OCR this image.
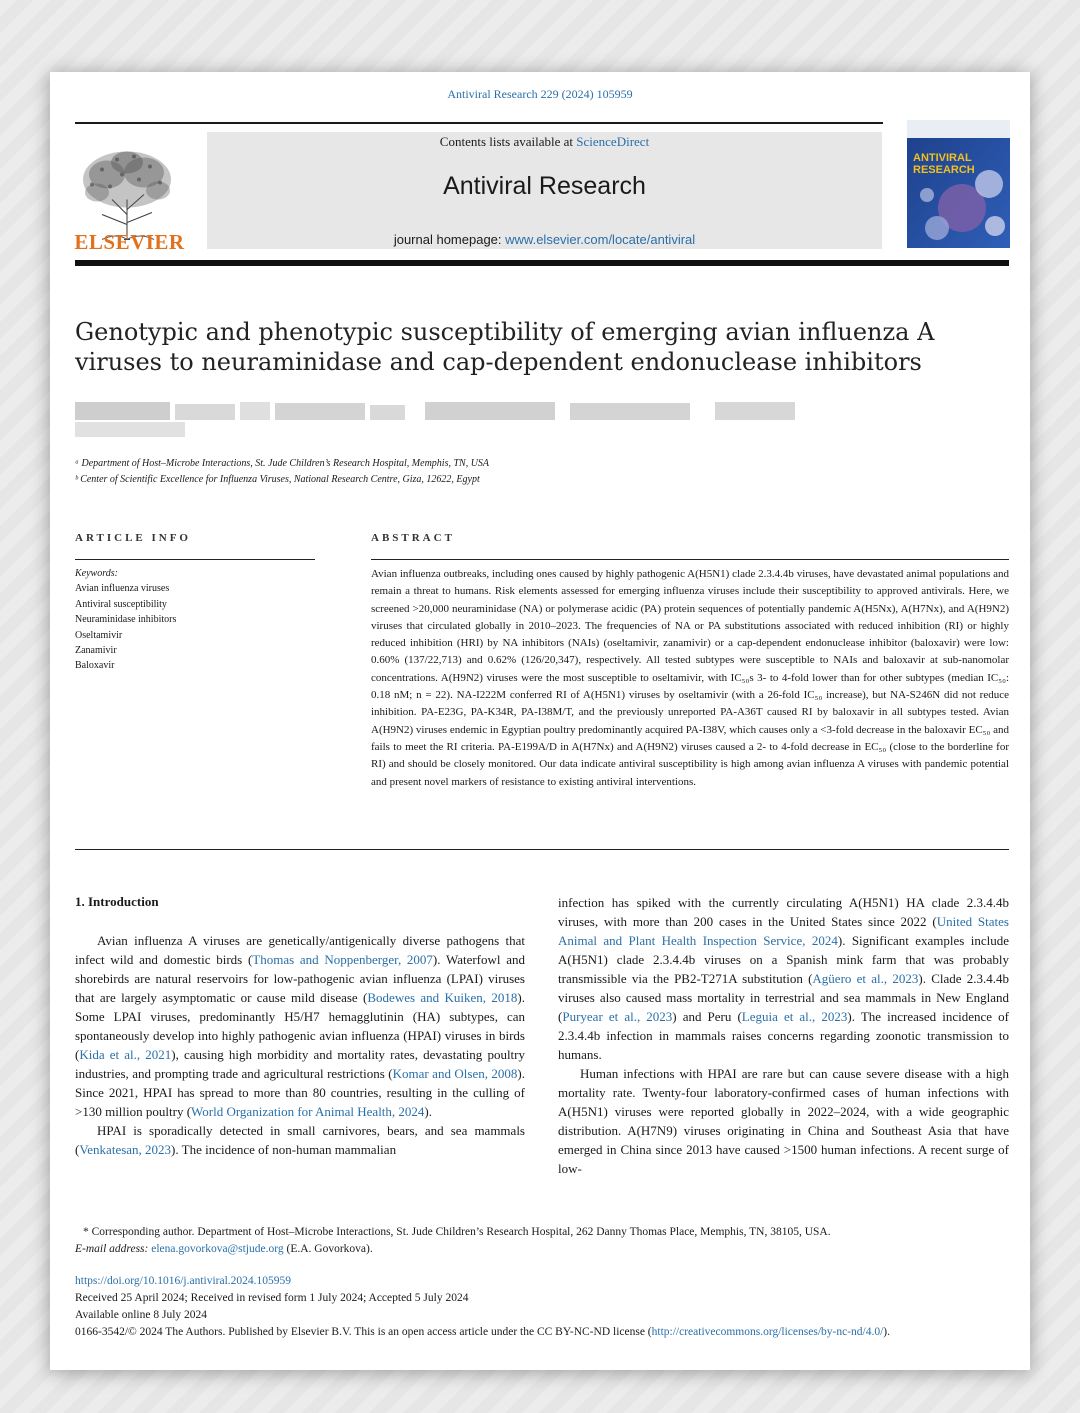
Antiviral Research 229 (2024) 105959
ELSEVIER
Contents lists available at ScienceDirect
Antiviral Research
journal homepage: www.elsevier.com/locate/antiviral
ANTIVIRAL
RESEARCH
Genotypic and phenotypic susceptibility of emerging avian influenza A
viruses to neuraminidase and cap-dependent endonuclease inhibitors
ᵃ Department of Host–Microbe Interactions, St. Jude Children’s Research Hospital, Memphis, TN, USA
ᵇ Center of Scientific Excellence for Influenza Viruses, National Research Centre, Giza, 12622, Egypt
ARTICLE INFO	ABSTRACT
Keywords:
Avian influenza viruses
Antiviral susceptibility
Neuraminidase inhibitors
Oseltamivir
Zanamivir
Baloxavir
Avian influenza outbreaks, including ones caused by highly pathogenic A(H5N1) clade 2.3.4.4b viruses, have devastated animal populations and remain a threat to humans. Risk elements assessed for emerging influenza viruses include their susceptibility to approved antivirals. Here, we screened >20,000 neuraminidase (NA) or polymerase acidic (PA) protein sequences of potentially pandemic A(H5Nx), A(H7Nx), and A(H9N2) viruses that circulated globally in 2010–2023. The frequencies of NA or PA substitutions associated with reduced inhibition (RI) or highly reduced inhibition (HRI) by NA inhibitors (NAIs) (oseltamivir, zanamivir) or a cap-dependent endonuclease inhibitor (baloxavir) were low: 0.60% (137/22,713) and 0.62% (126/20,347), respectively. All tested subtypes were susceptible to NAIs and baloxavir at sub-nanomolar concentrations. A(H9N2) viruses were the most susceptible to oseltamivir, with IC₅₀s 3- to 4-fold lower than for other subtypes (median IC₅₀: 0.18 nM; n = 22). NA-I222M conferred RI of A(H5N1) viruses by oseltamivir (with a 26-fold IC₅₀ increase), but NA-S246N did not reduce inhibition. PA-E23G, PA-K34R, PA-I38M/T, and the previously unreported PA-A36T caused RI by baloxavir in all subtypes tested. Avian A(H9N2) viruses endemic in Egyptian poultry predominantly acquired PA-I38V, which causes only a <3-fold decrease in the baloxavir EC₅₀ and fails to meet the RI criteria. PA-E199A/D in A(H7Nx) and A(H9N2) viruses caused a 2- to 4-fold decrease in EC₅₀ (close to the borderline for RI) and should be closely monitored. Our data indicate antiviral susceptibility is high among avian influenza A viruses with pandemic potential and present novel markers of resistance to existing antiviral interventions.
1. Introduction

Avian influenza A viruses are genetically/antigenically diverse pathogens that infect wild and domestic birds (Thomas and Noppenberger, 2007). Waterfowl and shorebirds are natural reservoirs for low-pathogenic avian influenza (LPAI) viruses that are largely asymptomatic or cause mild disease (Bodewes and Kuiken, 2018). Some LPAI viruses, predominantly H5/H7 hemagglutinin (HA) subtypes, can spontaneously develop into highly pathogenic avian influenza (HPAI) viruses in birds (Kida et al., 2021), causing high morbidity and mortality rates, devastating poultry industries, and prompting trade and agricultural restrictions (Komar and Olsen, 2008). Since 2021, HPAI has spread to more than 80 countries, resulting in the culling of >130 million poultry (World Organization for Animal Health, 2024).

HPAI is sporadically detected in small carnivores, bears, and sea mammals (Venkatesan, 2023). The incidence of non-human mammalian

infection has spiked with the currently circulating A(H5N1) HA clade 2.3.4.4b viruses, with more than 200 cases in the United States since 2022 (United States Animal and Plant Health Inspection Service, 2024). Significant examples include A(H5N1) clade 2.3.4.4b viruses on a Spanish mink farm that was probably transmissible via the PB2-T271A substitution (Agüero et al., 2023). Clade 2.3.4.4b viruses also caused mass mortality in terrestrial and sea mammals in New England (Puryear et al., 2023) and Peru (Leguia et al., 2023). The increased incidence of 2.3.4.4b infection in mammals raises concerns regarding zoonotic transmission to humans.

Human infections with HPAI are rare but can cause severe disease with a high mortality rate. Twenty-four laboratory-confirmed cases of human infections with A(H5N1) viruses were reported globally in 2022–2024, with a wide geographic distribution. A(H7N9) viruses originating in China and Southeast Asia that have emerged in China since 2013 have caused >1500 human infections. A recent surge of low-

* Corresponding author. Department of Host–Microbe Interactions, St. Jude Children’s Research Hospital, 262 Danny Thomas Place, Memphis, TN, 38105, USA.
E-mail address: elena.govorkova@stjude.org (E.A. Govorkova).
https://doi.org/10.1016/j.antiviral.2024.105959
Received 25 April 2024; Received in revised form 1 July 2024; Accepted 5 July 2024
Available online 8 July 2024
0166-3542/© 2024 The Authors. Published by Elsevier B.V. This is an open access article under the CC BY-NC-ND license (http://creativecommons.org/licenses/by-nc-nd/4.0/).
